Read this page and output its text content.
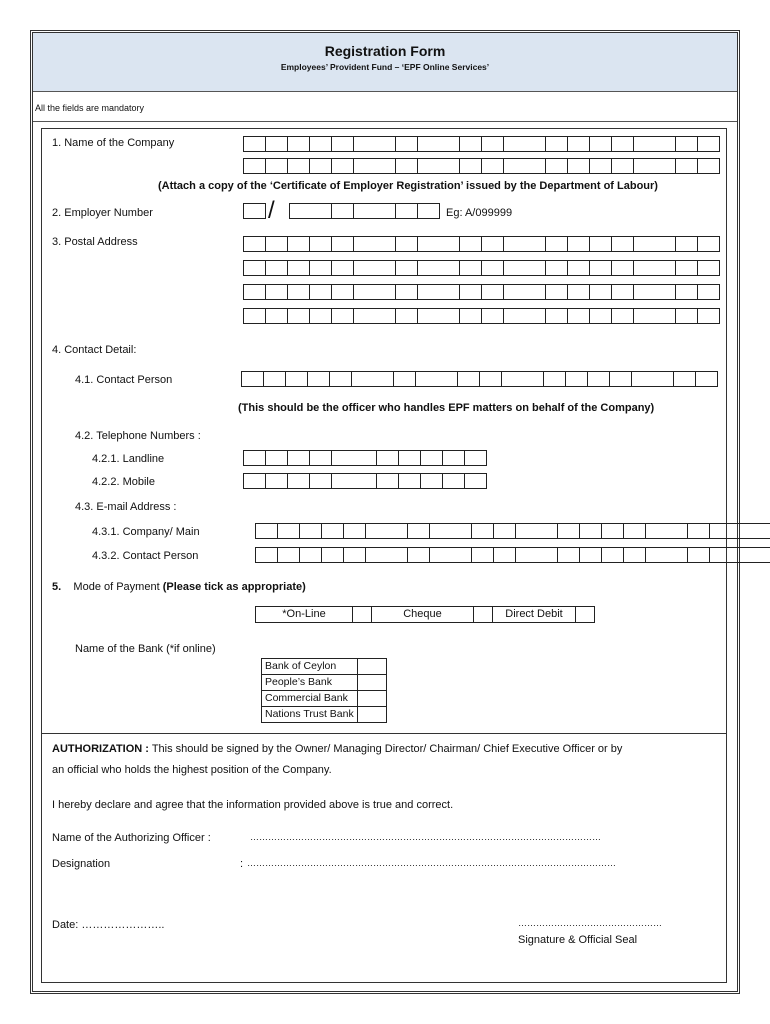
Registration Form
Employees’ Provident Fund – ‘EPF Online Services’
All the fields are mandatory
1. Name of the Company
(Attach a copy of the ‘Certificate of Employer Registration’ issued by the Department of Labour)
2. Employer Number	/	Eg: A/099999
3. Postal Address
4. Contact Detail:
4.1. Contact Person
(This should be the officer who handles EPF matters on behalf of the Company)
4.2. Telephone Numbers :
4.2.1. Landline
4.2.2. Mobile
4.3. E-mail Address :
4.3.1. Company/ Main
4.3.2. Contact Person
5. Mode of Payment (Please tick as appropriate)
*On-Line	Cheque	Direct Debit
Name of the Bank (*if online)
Bank of Ceylon	
People’s Bank	
Commercial Bank	
Nations Trust Bank	
AUTHORIZATION : This should be signed by the Owner/ Managing Director/ Chairman/ Chief Executive Officer or by
an official who holds the highest position of the Company.
I hereby declare and agree that the information provided above is true and correct.
Name of the Authorizing Officer :	………………………………………………………………………………………………………
Designation	: ……………………………………………………………………………………………………………
Date: …………………..	…………………………………………
Signature & Official Seal
